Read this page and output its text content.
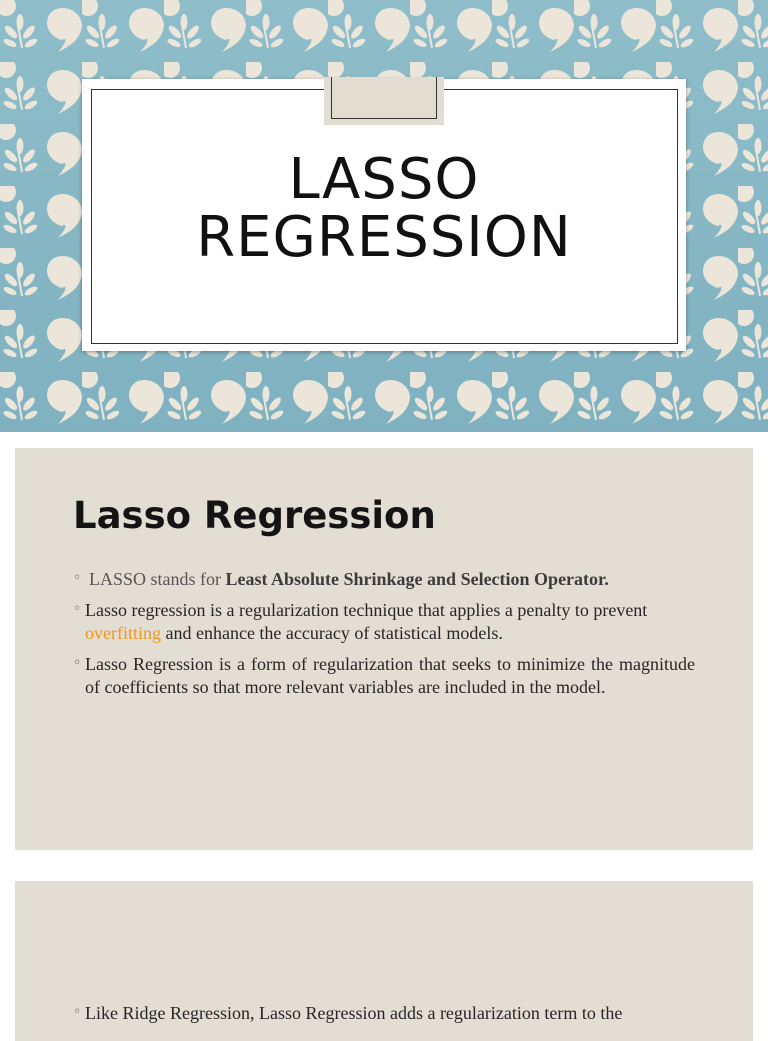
LASSO
REGRESSION
Lasso Regression
◦ LASSO stands for Least Absolute Shrinkage and Selection Operator.
◦ Lasso regression is a regularization technique that applies a penalty to prevent overfitting and enhance the accuracy of statistical models.
◦ Lasso Regression is a form of regularization that seeks to minimize the magnitude of coefficients so that more relevant variables are included in the model.
◦ Like Ridge Regression, Lasso Regression adds a regularization term to the
